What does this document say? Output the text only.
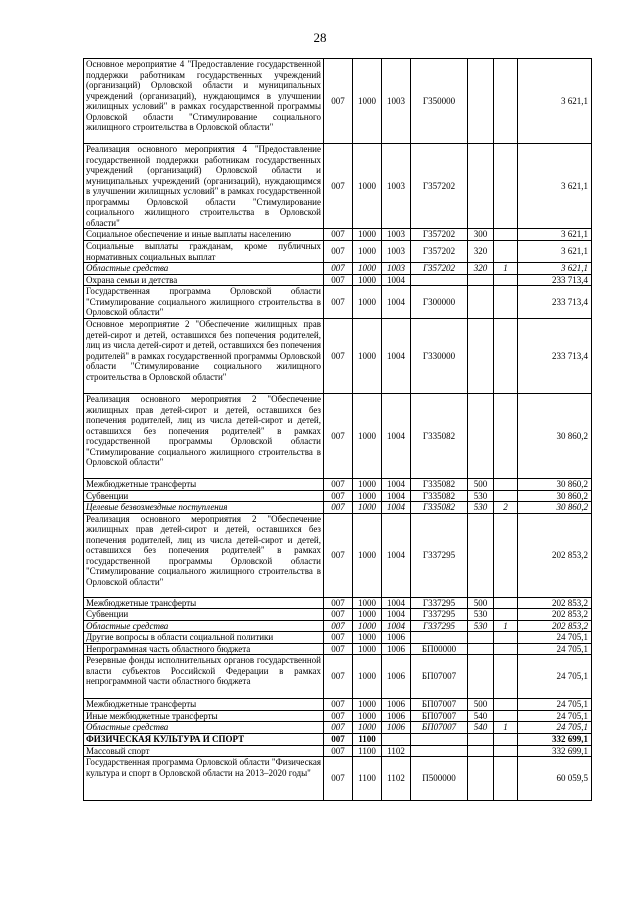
28
Основное мероприятие 4 "Предоставление государственной поддержки работникам государственных учреждений (организаций) Орловской области и муниципальных учреждений (организаций), нуждающимся в улучшении жилищных условий" в рамках государственной программы Орловской области "Стимулирование социального жилищного строительства в Орловской области"	007	1000	1003	Г350000			3 621,1
Реализация основного мероприятия 4 "Предоставление государственной поддержки работникам государственных учреждений (организаций) Орловской области и муниципальных учреждений (организаций), нуждающимся в улучшении жилищных условий" в рамках государственной программы Орловской области "Стимулирование социального жилищного строительства в Орловской области"	007	1000	1003	Г357202			3 621,1
Социальное обеспечение и иные выплаты населению	007	1000	1003	Г357202	300		3 621,1
Социальные выплаты гражданам, кроме публичных нормативных социальных выплат	007	1000	1003	Г357202	320		3 621,1
Областные средства	007	1000	1003	Г357202	320	1	3 621,1
Охрана семьи и детства	007	1000	1004				233 713,4
Государственная программа Орловской области "Стимулирование социального жилищного строительства в Орловской области"	007	1000	1004	Г300000			233 713,4
Основное мероприятие 2 "Обеспечение жилищных прав детей-сирот и детей, оставшихся без попечения родителей, лиц из числа детей-сирот и детей, оставшихся без попечения родителей" в рамках государственной программы Орловской области "Стимулирование социального жилищного строительства в Орловской области"	007	1000	1004	Г330000			233 713,4
Реализация основного мероприятия 2 "Обеспечение жилищных прав детей-сирот и детей, оставшихся без попечения родителей, лиц из числа детей-сирот и детей, оставшихся без попечения родителей" в рамках государственной программы Орловской области "Стимулирование социального жилищного строительства в Орловской области"	007	1000	1004	Г335082			30 860,2
Межбюджетные трансферты	007	1000	1004	Г335082	500		30 860,2
Субвенции	007	1000	1004	Г335082	530		30 860,2
Целевые безвозмездные поступления	007	1000	1004	Г335082	530	2	30 860,2
Реализация основного мероприятия 2 "Обеспечение жилищных прав детей-сирот и детей, оставшихся без попечения родителей, лиц из числа детей-сирот и детей, оставшихся без попечения родителей" в рамках государственной программы Орловской области "Стимулирование социального жилищного строительства в Орловской области"	007	1000	1004	Г337295			202 853,2
Межбюджетные трансферты	007	1000	1004	Г337295	500		202 853,2
Субвенции	007	1000	1004	Г337295	530		202 853,2
Областные средства	007	1000	1004	Г337295	530	1	202 853,2
Другие вопросы в области социальной политики	007	1000	1006				24 705,1
Непрограммная часть областного бюджета	007	1000	1006	БП00000			24 705,1
Резервные фонды исполнительных органов государственной власти субъектов Российской Федерации в рамках непрограммной части областного бюджета	007	1000	1006	БП07007			24 705,1
Межбюджетные трансферты	007	1000	1006	БП07007	500		24 705,1
Иные межбюджетные трансферты	007	1000	1006	БП07007	540		24 705,1
Областные средства	007	1000	1006	БП07007	540	1	24 705,1
ФИЗИЧЕСКАЯ КУЛЬТУРА И СПОРТ	007	1100					332 699,1
Массовый спорт	007	1100	1102				332 699,1
Государственная программа Орловской области "Физическая культура и спорт в Орловской области на 2013–2020 годы"	007	1100	1102	П500000			60 059,5
